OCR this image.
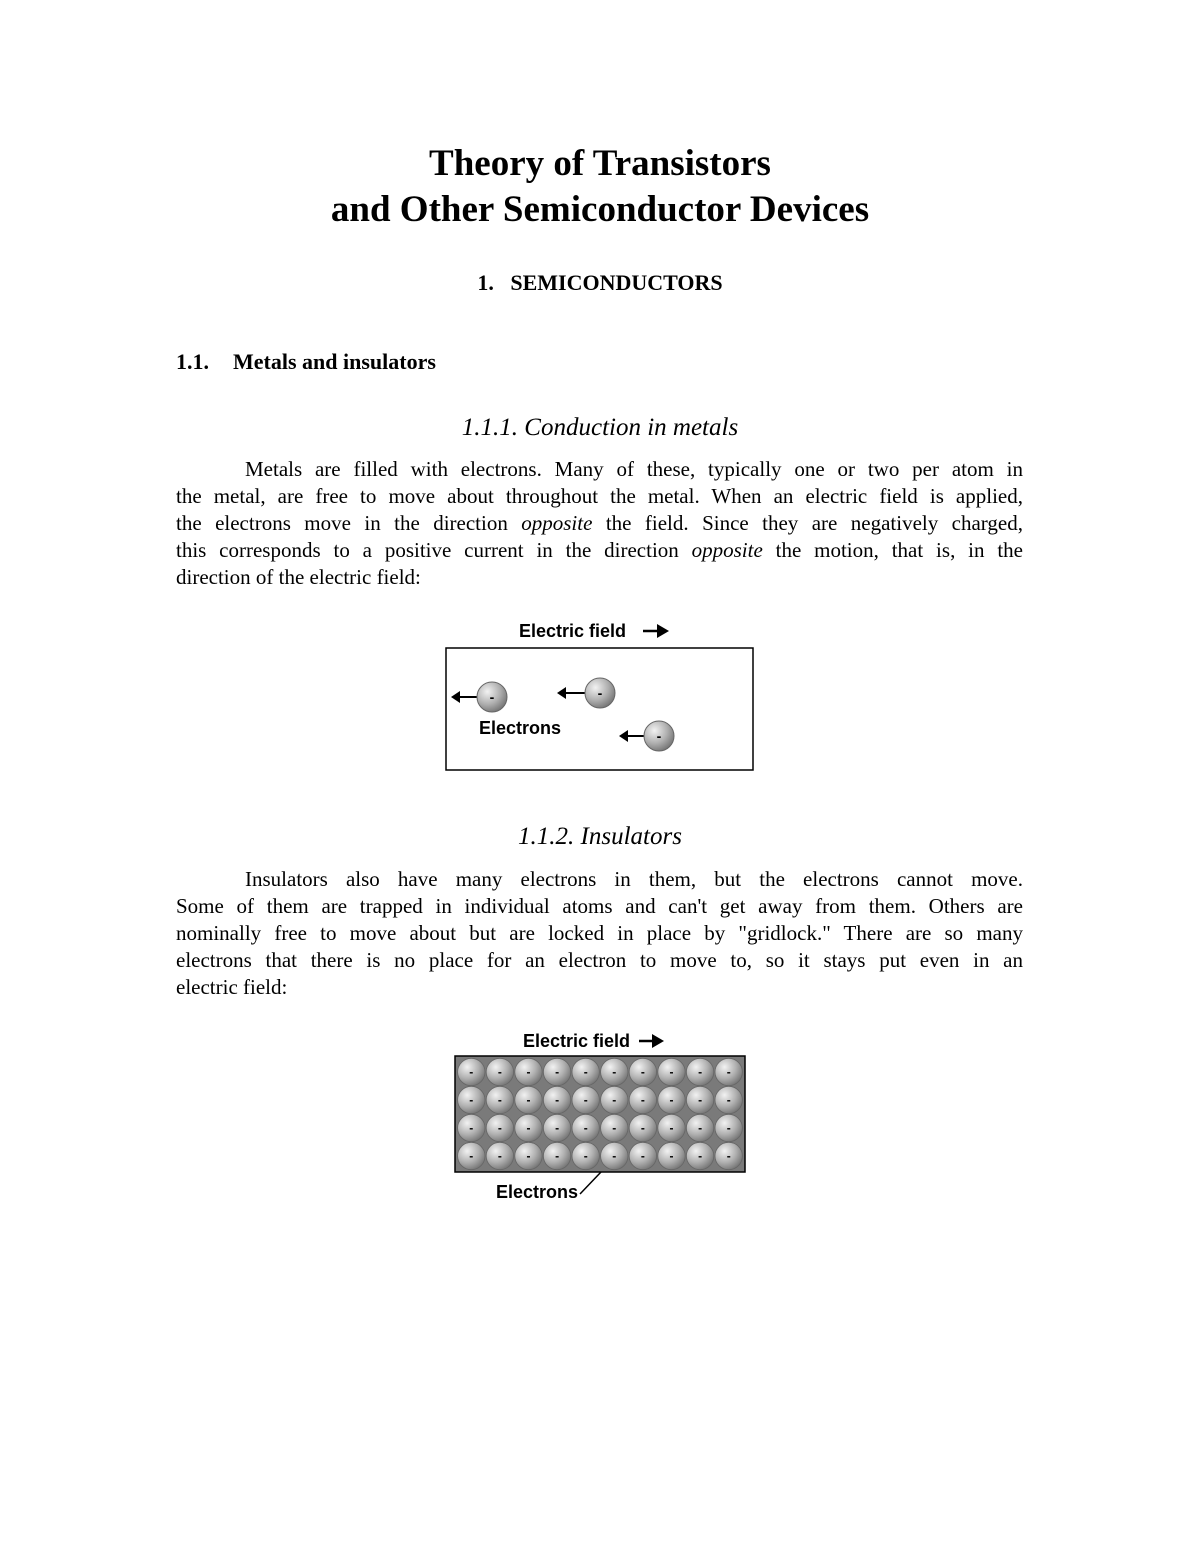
Theory of Transistors
and Other Semiconductor Devices
1. SEMICONDUCTORS
1.1. Metals and insulators
1.1.1. Conduction in metals
Metals are filled with electrons. Many of these, typically one or two per atom in
the metal, are free to move about throughout the metal. When an electric field is applied,
the electrons move in the direction opposite the field. Since they are negatively charged,
this corresponds to a positive current in the direction opposite the motion, that is, in the
direction of the electric field:
Electric field
-	-
-
Electrons
1.1.2. Insulators
Insulators also have many electrons in them, but the electrons cannot move.
Some of them are trapped in individual atoms and can't get away from them. Others are
nominally free to move about but are locked in place by "gridlock." There are so many
electrons that there is no place for an electron to move to, so it stays put even in an
electric field:
Electric field
- - - - - - - - - -
- - - - - - - - - -
- - - - - - - - - -
- - - - - - - - - -
Electrons
